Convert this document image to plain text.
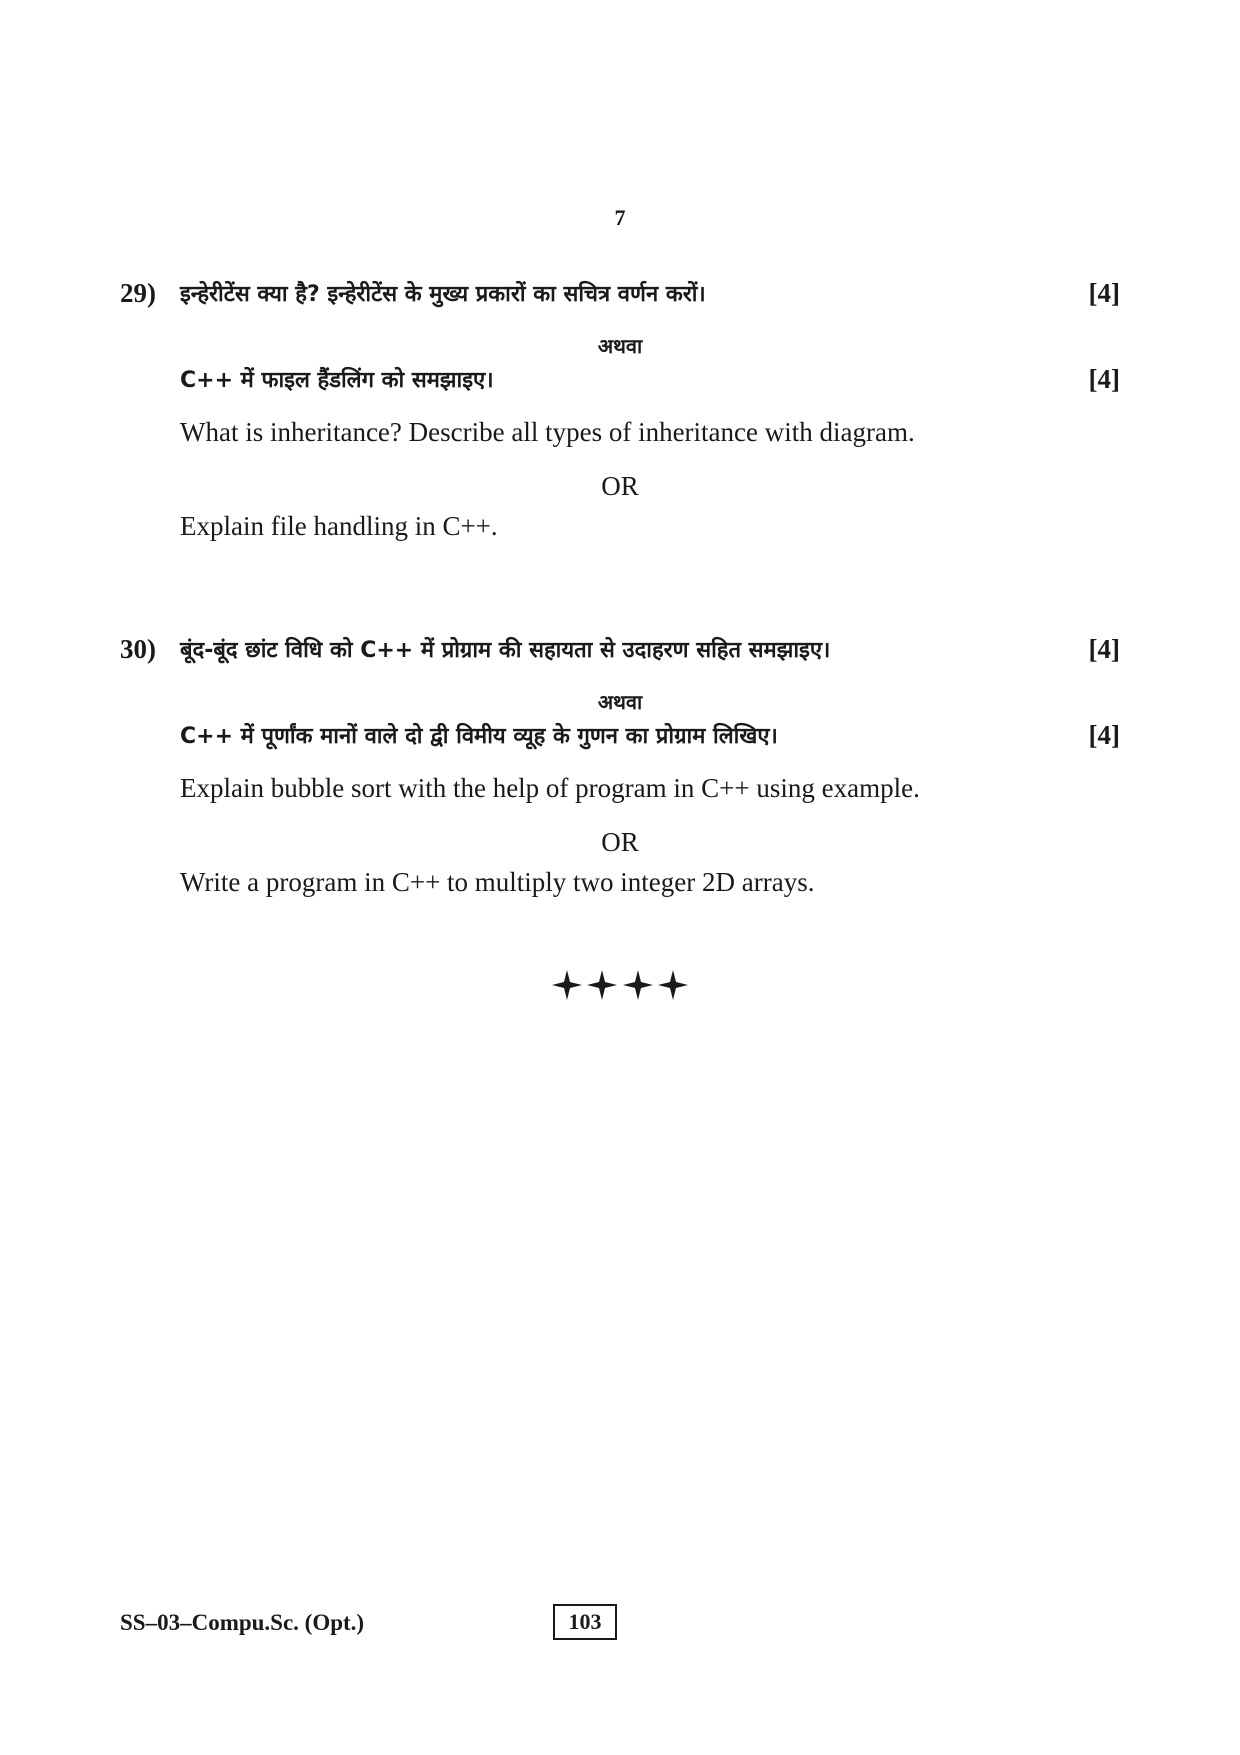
7
29) इन्हेरीटेंस क्या है? इन्हेरीटेंस के मुख्य प्रकारों का सचित्र वर्णन करों।	[4]
अथवा
C++ में फाइल हैंडलिंग को समझाइए।	[4]
What is inheritance? Describe all types of inheritance with diagram.
OR
Explain file handling in C++.
30) बूंद-बूंद छांट विधि को C++ में प्रोग्राम की सहायता से उदाहरण सहित समझाइए।	[4]
अथवा
C++ में पूर्णांक मानों वाले दो द्वी विमीय व्यूह के गुणन का प्रोग्राम लिखिए।	[4]
Explain bubble sort with the help of program in C++ using example.
OR
Write a program in C++ to multiply two integer 2D arrays.
SS–03–Compu.Sc. (Opt.)	103
